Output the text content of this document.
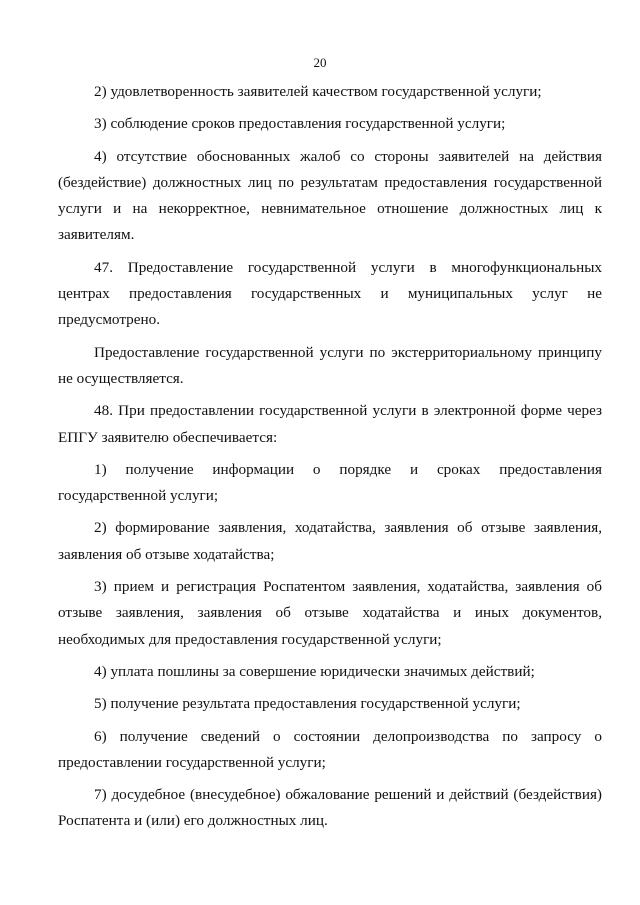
20

2) удовлетворенность заявителей качеством государственной услуги;

3) соблюдение сроков предоставления государственной услуги;

4) отсутствие обоснованных жалоб со стороны заявителей на действия (бездействие) должностных лиц по результатам предоставления государственной услуги и на некорректное, невнимательное отношение должностных лиц к заявителям.

47. Предоставление государственной услуги в многофункциональных центрах предоставления государственных и муниципальных услуг не предусмотрено.

Предоставление государственной услуги по экстерриториальному принципу не осуществляется.

48. При предоставлении государственной услуги в электронной форме через ЕПГУ заявителю обеспечивается:

1) получение информации о порядке и сроках предоставления государственной услуги;

2) формирование заявления, ходатайства, заявления об отзыве заявления, заявления об отзыве ходатайства;

3) прием и регистрация Роспатентом заявления, ходатайства, заявления об отзыве заявления, заявления об отзыве ходатайства и иных документов, необходимых для предоставления государственной услуги;

4) уплата пошлины за совершение юридически значимых действий;

5) получение результата предоставления государственной услуги;

6) получение сведений о состоянии делопроизводства по запросу о предоставлении государственной услуги;

7) досудебное (внесудебное) обжалование решений и действий (бездействия) Роспатента и (или) его должностных лиц.
